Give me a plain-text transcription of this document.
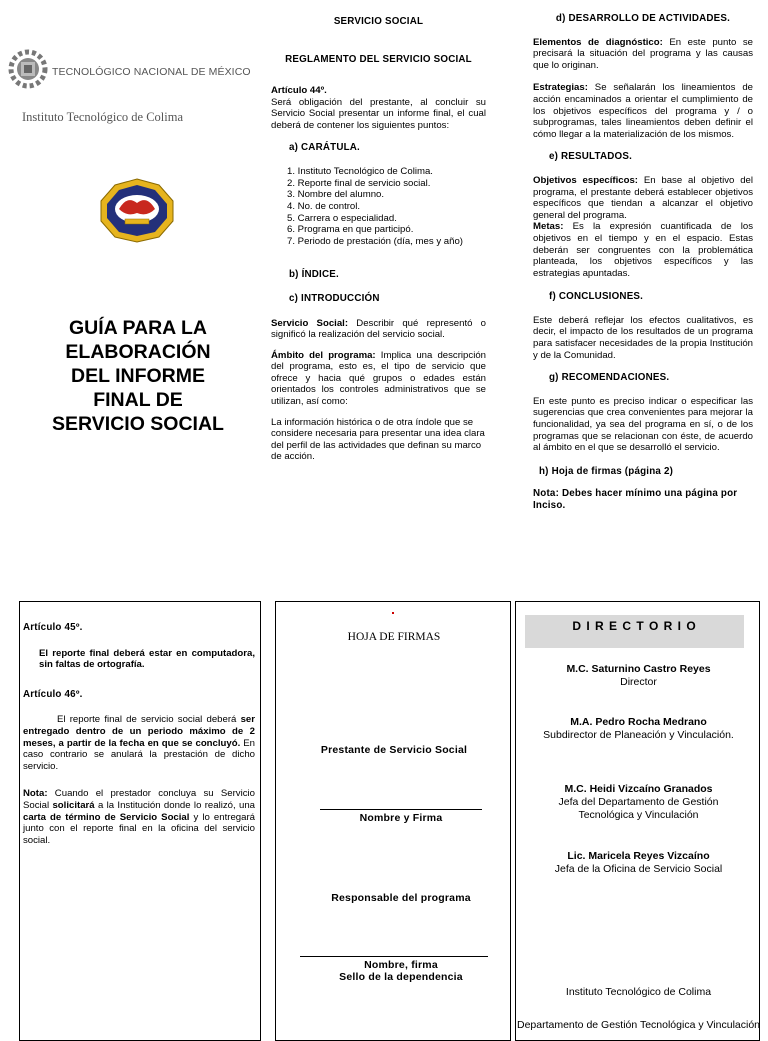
TECNOLÓGICO NACIONAL DE MÉXICO
Instituto Tecnológico de Colima
GUÍA PARA LA
ELABORACIÓN
DEL INFORME
FINAL DE
SERVICIO SOCIAL
SERVICIO SOCIAL
REGLAMENTO DEL SERVICIO SOCIAL
Artículo 44º.

Será obligación del prestante, al concluir su Servicio Social presentar un informe final, el cual deberá de contener los siguientes puntos:

a) CARÁTULA.
1. Instituto Tecnológico de Colima.
2. Reporte final de servicio social.
3. Nombre del alumno.
4. No. de control.
5. Carrera o especialidad.
6. Programa en que participó.
7. Periodo de prestación (día, mes y año)
b) ÍNDICE.
c) INTRODUCCIÓN

Servicio Social: Describir qué representó o significó la realización del servicio social.

Ámbito del programa: Implica una descripción del programa, esto es, el tipo de servicio que ofrece y hacia qué grupos o edades están orientados los controles administrativos que se utilizan, así como:

La información histórica o de otra índole que se considere necesaria para presentar una idea clara del perfil de las actividades que definan su marco de acción.

d) DESARROLLO DE ACTIVIDADES.

Elementos de diagnóstico: En este punto se precisará la situación del programa y las causas que lo originan.

Estrategias: Se señalarán los lineamientos de acción encaminados a orientar el cumplimiento de los objetivos específicos del programa y / o subprogramas, tales lineamientos deben definir el cómo llegar a la materialización de los mismos.

e) RESULTADOS.

Objetivos específicos: En base al objetivo del programa, el prestante deberá establecer objetivos específicos que tiendan a alcanzar el objetivo general del programa.

Metas: Es la expresión cuantificada de los objetivos en el tiempo y en el espacio. Estas deberán ser congruentes con la problemática planteada, los objetivos específicos y las estrategias apuntadas.

f) CONCLUSIONES.

Este deberá reflejar los efectos cualitativos, es decir, el impacto de los resultados de un programa para satisfacer necesidades de la propia Institución y de la Comunidad.

g) RECOMENDACIONES.

En este punto es preciso indicar o especificar las sugerencias que crea convenientes para mejorar la funcionalidad, ya sea del programa en sí, o de los programas que se relacionan con éste, de acuerdo al ámbito en el que se desarrolló el servicio.

h) Hoja de firmas (página 2)
Nota: Debes hacer mínimo una página por Inciso.
Artículo 45º.

El reporte final deberá estar en computadora, sin faltas de ortografía.

Artículo 46º.

El reporte final de servicio social deberá ser entregado dentro de un periodo máximo de 2 meses, a partir de la fecha en que se concluyó. En caso contrario se anulará la prestación de dicho servicio.

Nota: Cuando el prestador concluya su Servicio Social solicitará a la Institución donde lo realizó, una carta de término de Servicio Social y lo entregará junto con el reporte final en la oficina del servicio social.

HOJA DE FIRMAS
Prestante de Servicio Social
Nombre y Firma
Responsable del programa
Nombre, firma
Sello de la dependencia
D I R E C T O R I O
M.C. Saturnino Castro Reyes
Director
M.A. Pedro Rocha Medrano
Subdirector de Planeación y Vinculación.
M.C. Heidi Vizcaíno Granados
Jefa del Departamento de Gestión Tecnológica y Vinculación
Lic. Maricela Reyes Vizcaíno
Jefa de la Oficina de Servicio Social
Instituto Tecnológico de Colima
Departamento de Gestión Tecnológica y Vinculación
